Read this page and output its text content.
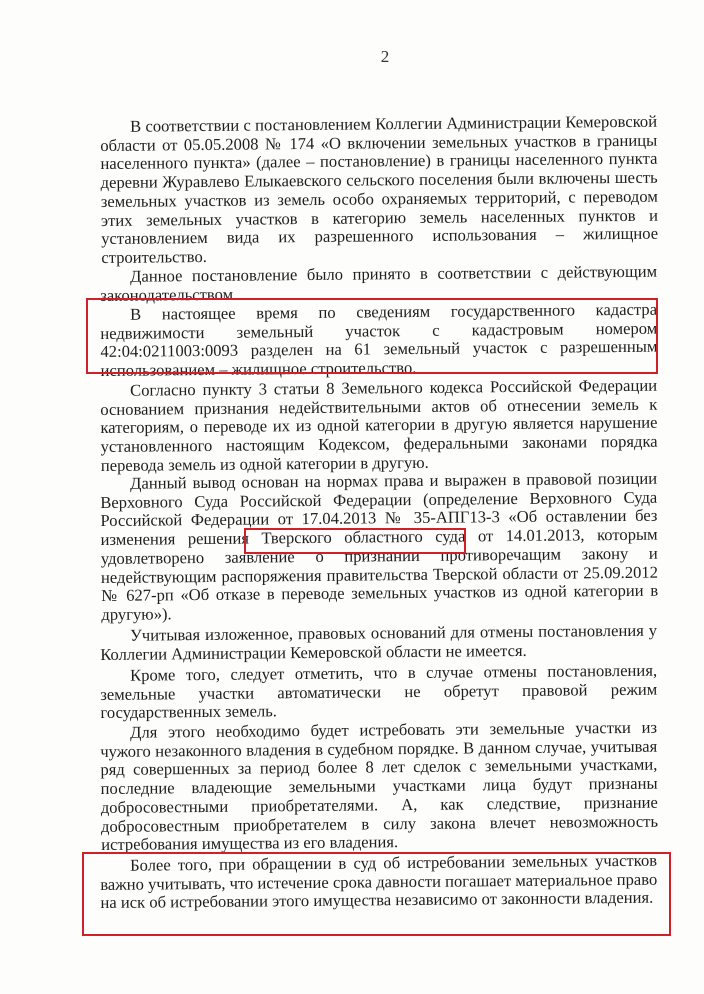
2

В соответствии с постановлением Коллегии Администрации Кемеровской области от 05.05.2008 № 174 «О включении земельных участков в границы населенного пункта» (далее – постановление) в границы населенного пункта деревни Журавлево Елыкаевского сельского поселения были включены шесть земельных участков из земель особо охраняемых территорий, с переводом этих земельных участков в категорию земель населенных пунктов и установлением вида их разрешенного использования – жилищное строительство.

Данное постановление было принято в соответствии с действующим законодательством.

В настоящее время по сведениям государственного кадастра недвижимости земельный участок с кадастровым номером 42:04:0211003:0093 разделен на 61 земельный участок с разрешенным использованием – жилищное строительство.

Согласно пункту 3 статьи 8 Земельного кодекса Российской Федерации основанием признания недействительными актов об отнесении земель к категориям, о переводе их из одной категории в другую является нарушение установленного настоящим Кодексом, федеральными законами порядка перевода земель из одной категории в другую.

Данный вывод основан на нормах права и выражен в правовой позиции Верховного Суда Российской Федерации (определение Верховного Суда Российской Федерации от 17.04.2013 № 35-АПГ13-3 «Об оставлении без изменения решения Тверского областного суда от 14.01.2013, которым удовлетворено заявление о признании противоречащим закону и недействующим распоряжения правительства Тверской области от 25.09.2012 № 627-рп «Об отказе в переводе земельных участков из одной категории в другую»).

Учитывая изложенное, правовых оснований для отмены постановления у Коллегии Администрации Кемеровской области не имеется.

Кроме того, следует отметить, что в случае отмены постановления, земельные участки автоматически не обретут правовой режим государственных земель.

Для этого необходимо будет истребовать эти земельные участки из чужого незаконного владения в судебном порядке. В данном случае, учитывая ряд совершенных за период более 8 лет сделок с земельными участками, последние владеющие земельными участками лица будут признаны добросовестными приобретателями. А, как следствие, признание добросовестным приобретателем в силу закона влечет невозможность истребования имущества из его владения.

Более того, при обращении в суд об истребовании земельных участков важно учитывать, что истечение срока давности погашает материальное право на иск об истребовании этого имущества независимо от законности владения.
